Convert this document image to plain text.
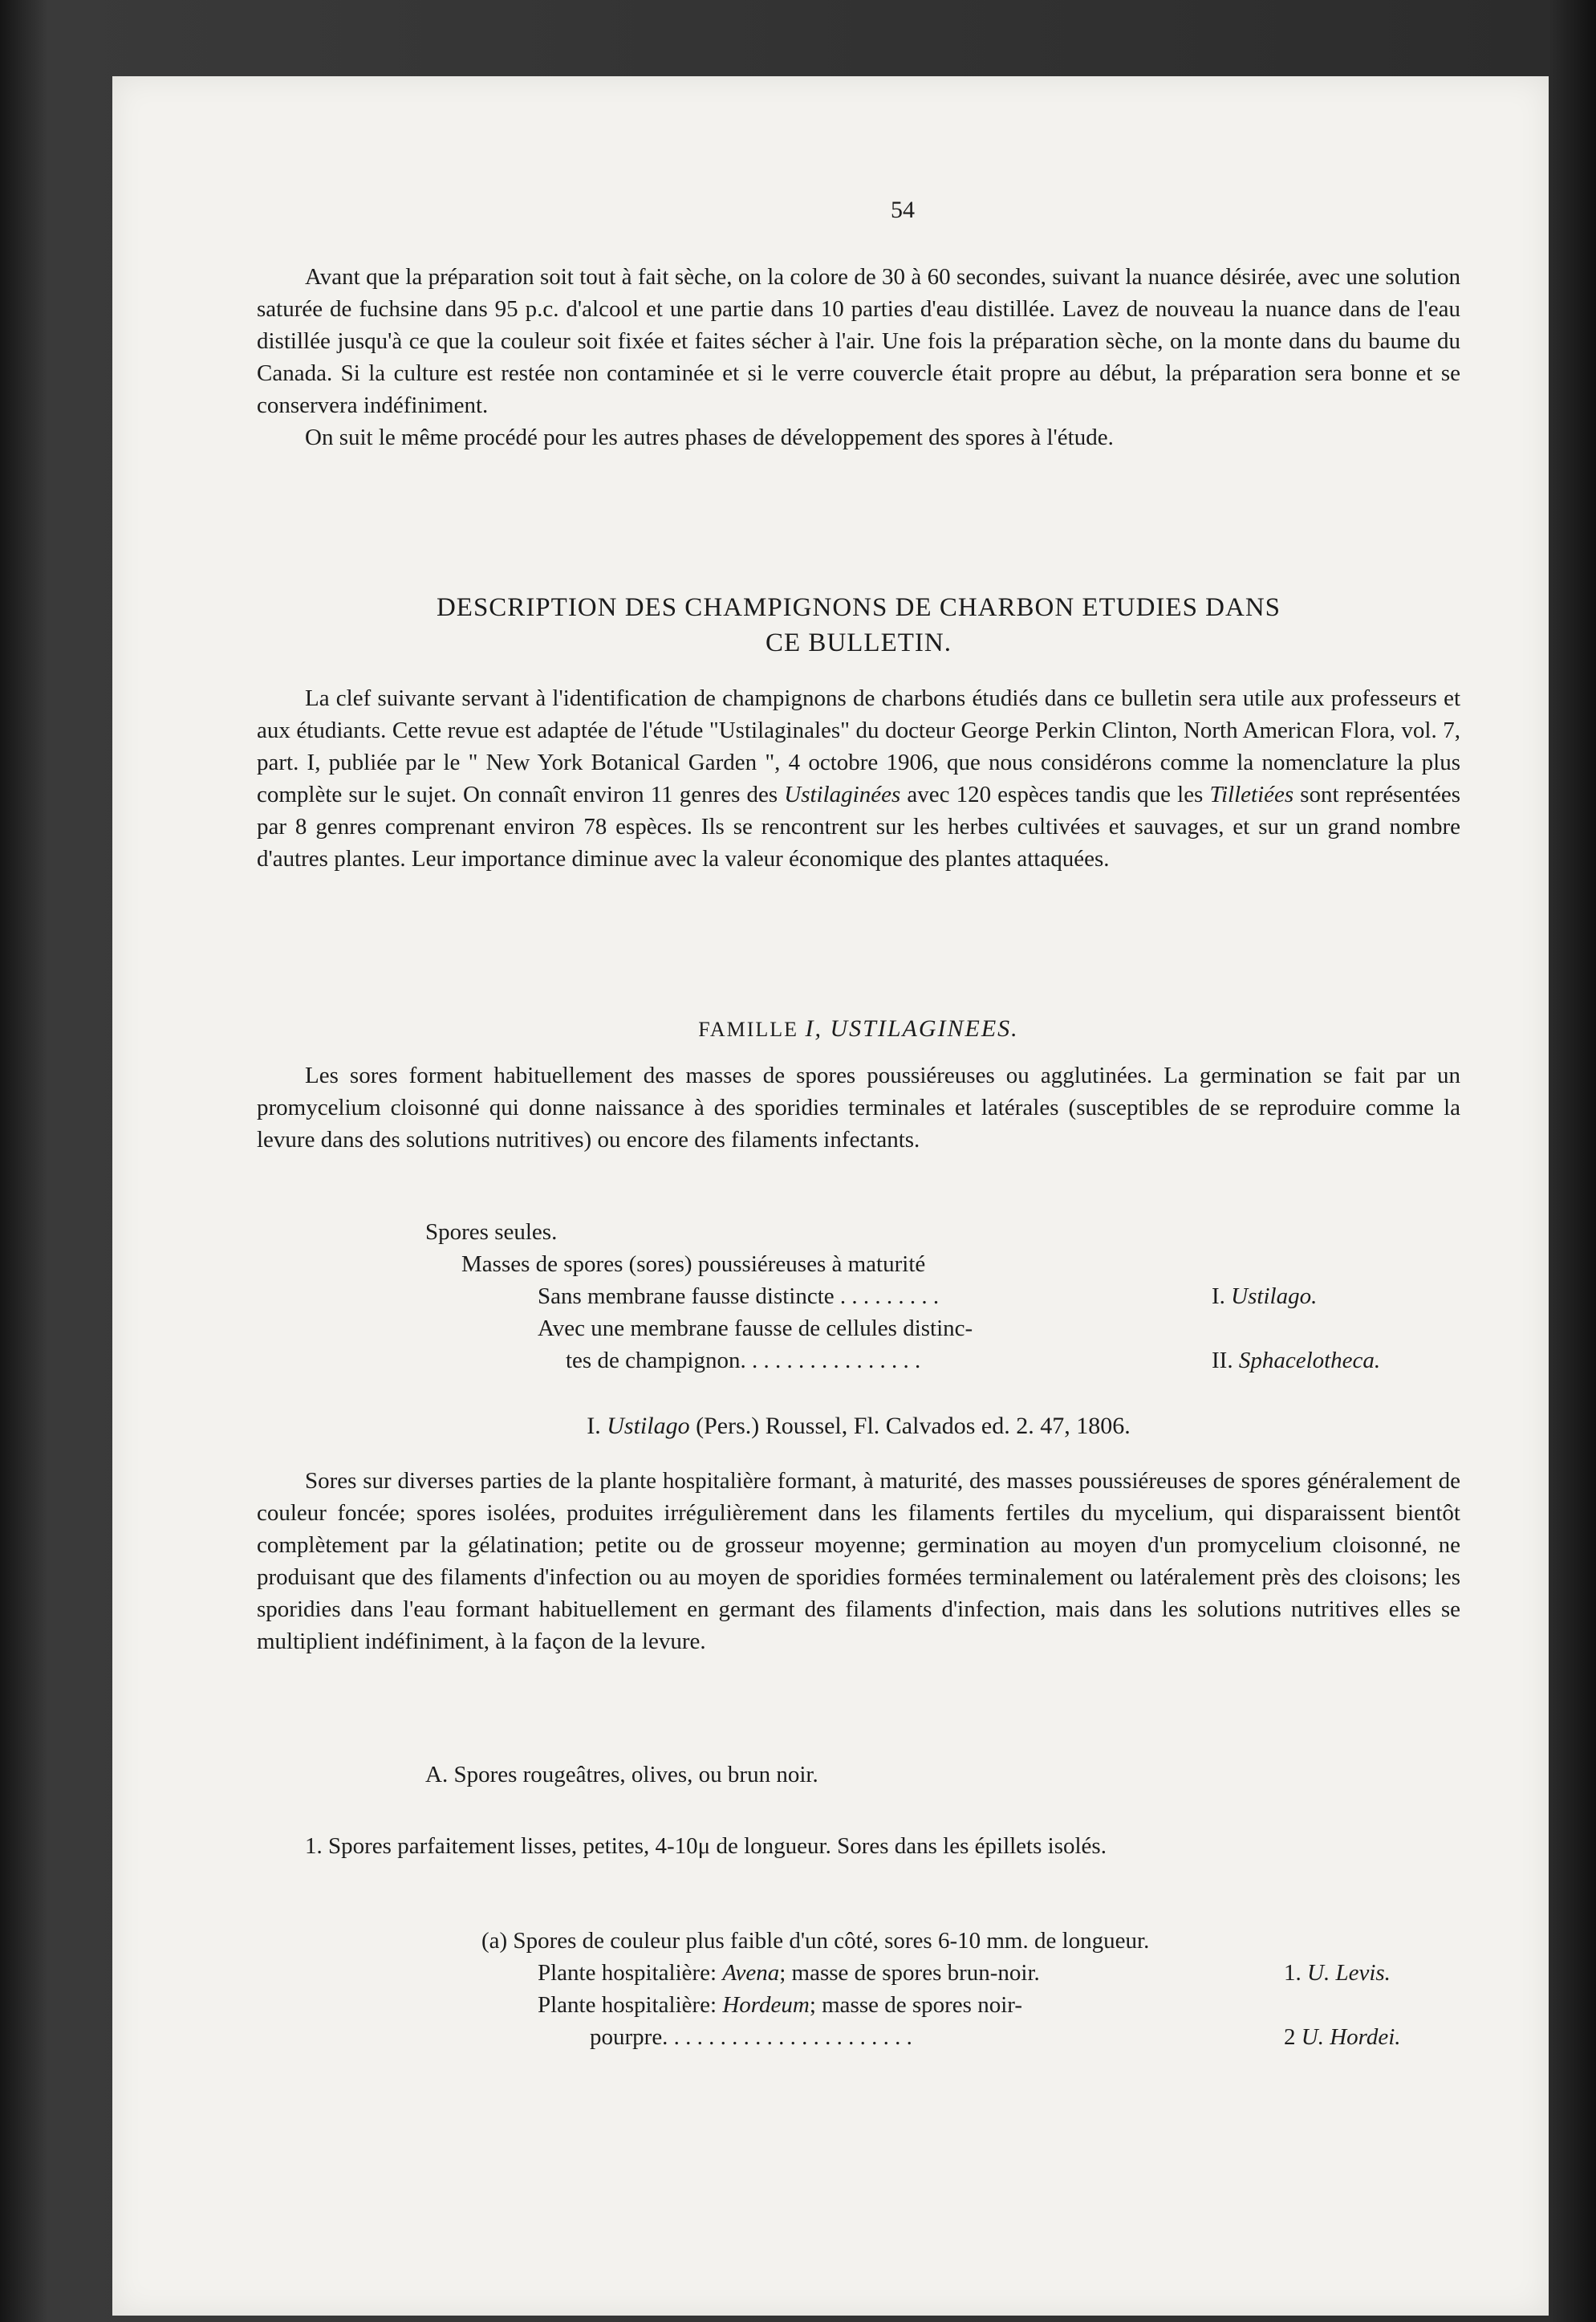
54

Avant que la préparation soit tout à fait sèche, on la colore de 30 à 60 secondes, suivant la nuance désirée, avec une solution saturée de fuchsine dans 95 p.c. d'alcool et une partie dans 10 parties d'eau distillée. Lavez de nouveau la nuance dans de l'eau distillée jusqu'à ce que la couleur soit fixée et faites sécher à l'air. Une fois la préparation sèche, on la monte dans du baume du Canada. Si la culture est restée non contaminée et si le verre couvercle était propre au début, la préparation sera bonne et se conservera indéfiniment.

On suit le même procédé pour les autres phases de développement des spores à l'étude.

DESCRIPTION DES CHAMPIGNONS DE CHARBON ETUDIES DANS
CE BULLETIN.

La clef suivante servant à l'identification de champignons de charbons étudiés dans ce bulletin sera utile aux professeurs et aux étudiants. Cette revue est adaptée de l'étude "Ustilaginales" du docteur George Perkin Clinton, North American Flora, vol. 7, part. I, publiée par le " New York Botanical Garden ", 4 octobre 1906, que nous considérons comme la nomenclature la plus complète sur le sujet. On connaît environ 11 genres des Ustilaginées avec 120 espèces tandis que les Tilletiées sont représentées par 8 genres comprenant environ 78 espèces. Ils se rencontrent sur les herbes cultivées et sauvages, et sur un grand nombre d'autres plantes. Leur importance diminue avec la valeur économique des plantes attaquées.

FAMILLE I, USTILAGINEES.

Les sores forment habituellement des masses de spores poussiéreuses ou agglutinées. La germination se fait par un promycelium cloisonné qui donne naissance à des sporidies terminales et latérales (susceptibles de se reproduire comme la levure dans des solutions nutritives) ou encore des filaments infectants.

Spores seules.
Masses de spores (sores) poussiéreuses à maturité
Sans membrane fausse distincte . . . . . . . . .	I. Ustilago.
Avec une membrane fausse de cellules distinc-
tes de champignon. . . . . . . . . . . . . . . .	II. Sphacelotheca.
I. Ustilago (Pers.) Roussel, Fl. Calvados ed. 2. 47, 1806.

Sores sur diverses parties de la plante hospitalière formant, à maturité, des masses poussiéreuses de spores généralement de couleur foncée; spores isolées, produites irrégulièrement dans les filaments fertiles du mycelium, qui disparaissent bientôt complètement par la gélatination; petite ou de grosseur moyenne; germination au moyen d'un promycelium cloisonné, ne produisant que des filaments d'infection ou au moyen de sporidies formées terminalement ou latéralement près des cloisons; les sporidies dans l'eau formant habituellement en germant des filaments d'infection, mais dans les solutions nutritives elles se multiplient indéfiniment, à la façon de la levure.

A. Spores rougeâtres, olives, ou brun noir.

1. Spores parfaitement lisses, petites, 4-10μ de longueur. Sores dans les épillets isolés.

(a) Spores de couleur plus faible d'un côté, sores 6-10 mm. de longueur.
Plante hospitalière: Avena; masse de spores brun-noir.	1. U. Levis.
Plante hospitalière: Hordeum; masse de spores noir-
pourpre. . . . . . . . . . . . . . . . . . . . . .	2 U. Hordei.
